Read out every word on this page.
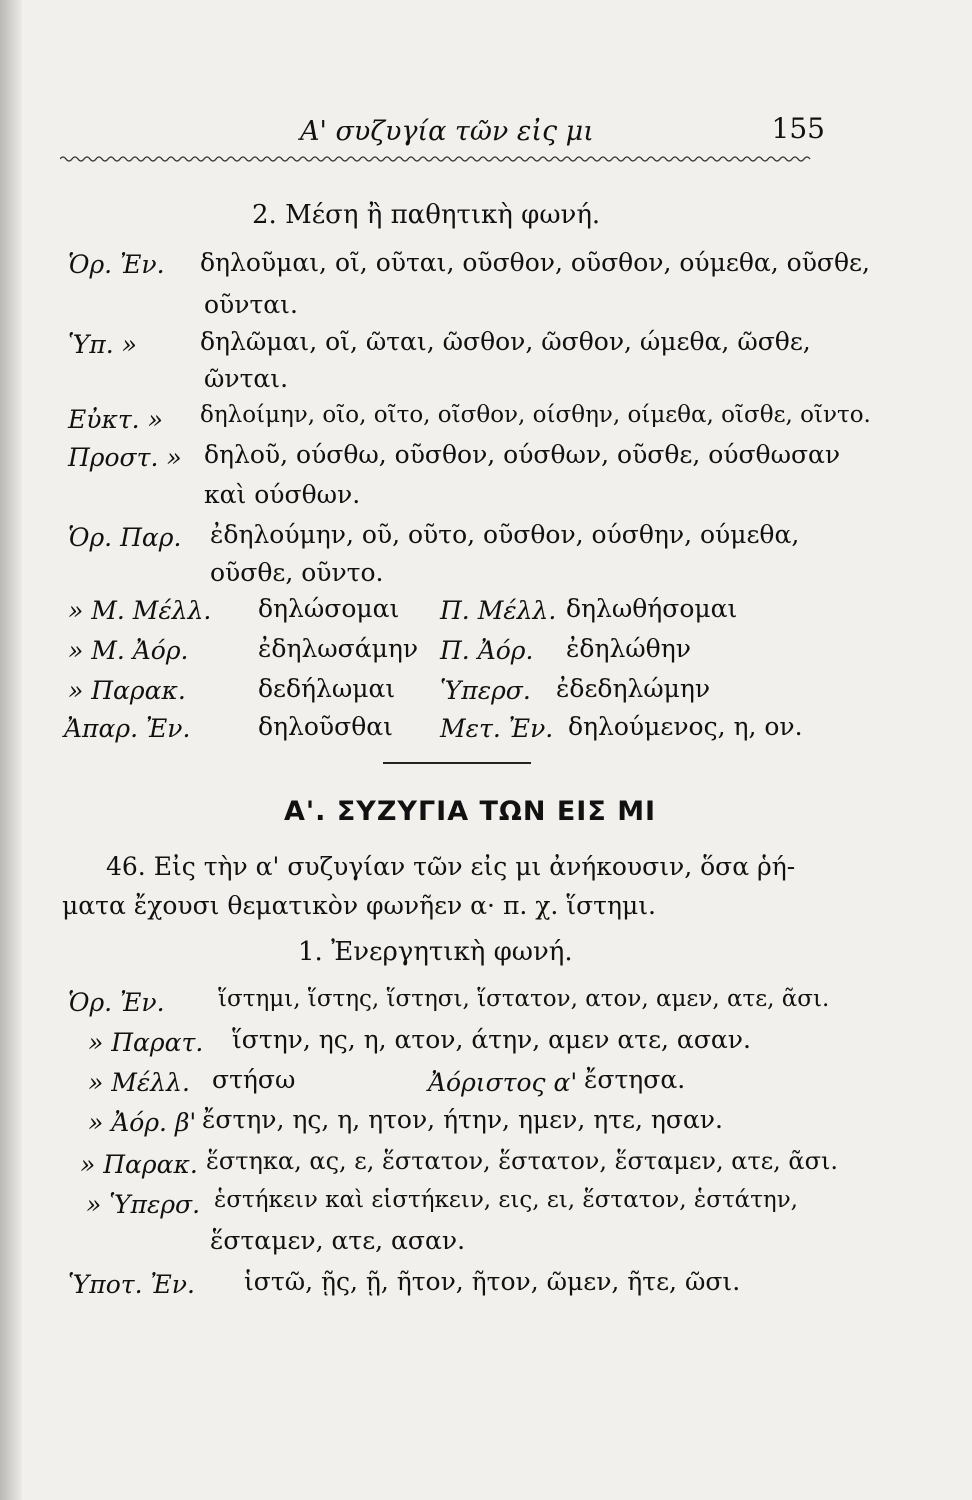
Α' συζυγία τῶν εἰς μι	155
2. Μέση ἢ παθητικὴ φωνή.
Ὁρ. Ἐν. δηλοῦμαι, οῖ, οῦται, οῦσθον, οῦσθον, ούμεθα, οῦσθε,
οῦνται.
Ὑπ. »	δηλῶμαι, οῖ, ῶται, ῶσθον, ῶσθον, ώμεθα, ῶσθε,
ῶνται.
Εὐκτ. » δηλοίμην, οῖο, οῖτο, οῖσθον, οίσθην, οίμεθα, οῖσθε, οῖντο.
Προστ. » δηλοῦ, ούσθω, οῦσθον, ούσθων, οῦσθε, ούσθωσαν
καὶ ούσθων.
Ὁρ. Παρ. ἐδηλούμην, οῦ, οῦτο, οῦσθον, ούσθην, ούμεθα,
οῦσθε, οῦντο.
» Μ. Μέλλ. δηλώσομαι Π. Μέλλ. δηλωθήσομαι
» Μ. Ἀόρ.	ἐδηλωσάμην Π. Ἀόρ. ἐδηλώθην
» Παρακ.	δεδήλωμαι Ὑπερσ. ἐδεδηλώμην
Ἀπαρ. Ἐν.	δηλοῦσθαι Μετ. Ἐν. δηλούμενος, η, ον.
Α'. ΣΥΖΥΓΙΑ ΤΩΝ ΕΙΣ ΜΙ
46. Εἰς τὴν α' συζυγίαν τῶν εἰς μι ἀνήκουσιν, ὅσα ῥή-
ματα ἔχουσι θεματικὸν φωνῆεν α· π. χ. ἵστημι.
1. Ἐνεργητικὴ φωνή.
Ὁρ. Ἐν. ἵστημι, ἵστης, ἵστησι, ἵστατον, ατον, αμεν, ατε, ᾶσι.
» Παρατ. ἵστην, ης, η, ατον, άτην, αμεν ατε, ασαν.
» Μέλλ. στήσω	Ἀόριστος α' ἔστησα.
» Ἀόρ. β' ἔστην, ης, η, ητον, ήτην, ημεν, ητε, ησαν.
» Παρακ. ἕστηκα, ας, ε, ἕστατον, ἕστατον, ἕσταμεν, ατε, ᾶσι.
» Ὑπερσ. ἑστήκειν καὶ εἱστήκειν, εις, ει, ἕστατον, ἑστάτην,
ἕσταμεν, ατε, ασαν.
Ὑποτ. Ἐν. ἱστῶ, ῇς, ῇ, ῆτον, ῆτον, ῶμεν, ῆτε, ῶσι.
